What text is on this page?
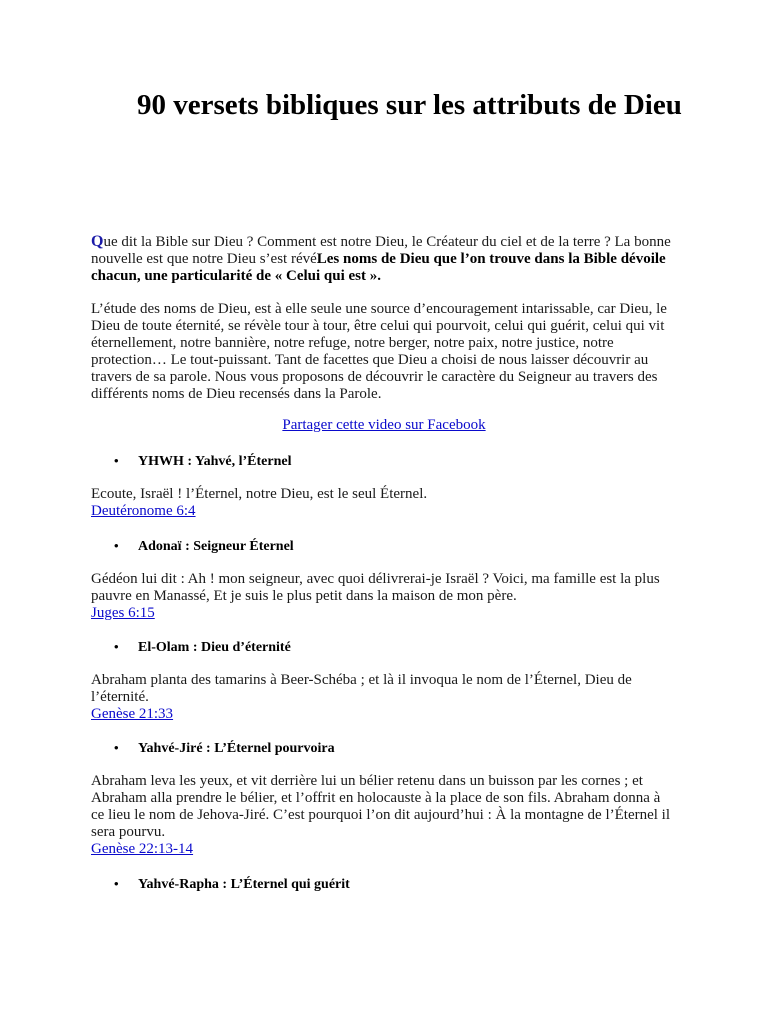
90 versets bibliques sur les attributs de Dieu

Que dit la Bible sur Dieu ? Comment est notre Dieu, le Créateur du ciel et de la terre ? La bonne nouvelle est que notre Dieu s’est révéLes noms de Dieu que l’on trouve dans la Bible dévoile chacun, une particularité de « Celui qui est ».

L’étude des noms de Dieu, est à elle seule une source d’encouragement intarissable, car Dieu, le Dieu de toute éternité, se révèle tour à tour, être celui qui pourvoit, celui qui guérit, celui qui vit éternellement, notre bannière, notre refuge, notre berger, notre paix, notre justice, notre protection… Le tout-puissant. Tant de facettes que Dieu a choisi de nous laisser découvrir au travers de sa parole. Nous vous proposons de découvrir le caractère du Seigneur au travers des différents noms de Dieu recensés dans la Parole.

Partager cette video sur Facebook
• YHWH : Yahvé, l’Éternel

Ecoute, Israël ! l’Éternel, notre Dieu, est le seul Éternel.
Deutéronome 6:4

• Adonaï : Seigneur Éternel

Gédéon lui dit : Ah ! mon seigneur, avec quoi délivrerai-je Israël ? Voici, ma famille est la plus pauvre en Manassé, Et je suis le plus petit dans la maison de mon père.
Juges 6:15

• El-Olam : Dieu d’éternité

Abraham planta des tamarins à Beer-Schéba ; et là il invoqua le nom de l’Éternel, Dieu de l’éternité.
Genèse 21:33

• Yahvé-Jiré : L’Éternel pourvoira

Abraham leva les yeux, et vit derrière lui un bélier retenu dans un buisson par les cornes ; et Abraham alla prendre le bélier, et l’offrit en holocauste à la place de son fils. Abraham donna à ce lieu le nom de Jehova-Jiré. C’est pourquoi l’on dit aujourd’hui : À la montagne de l’Éternel il sera pourvu.
Genèse 22:13-14

• Yahvé-Rapha : L’Éternel qui guérit
